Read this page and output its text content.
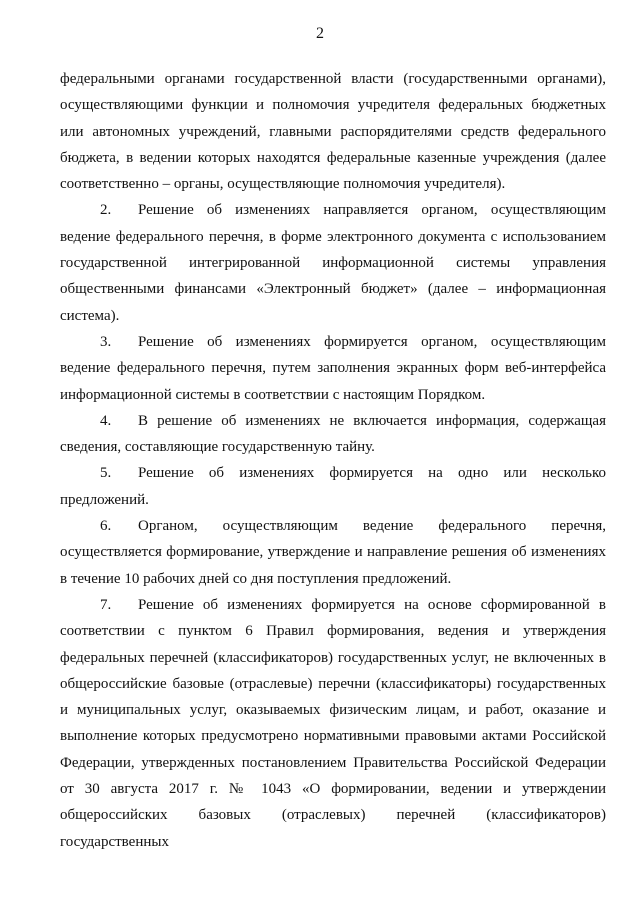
2

федеральными органами государственной власти (государственными органами), осуществляющими функции и полномочия учредителя федеральных бюджетных или автономных учреждений, главными распорядителями средств федерального бюджета, в ведении которых находятся федеральные казенные учреждения (далее соответственно – органы, осуществляющие полномочия учредителя).

2. Решение об изменениях направляется органом, осуществляющим ведение федерального перечня, в форме электронного документа с использованием государственной интегрированной информационной системы управления общественными финансами «Электронный бюджет» (далее – информационная система).

3. Решение об изменениях формируется органом, осуществляющим ведение федерального перечня, путем заполнения экранных форм веб-интерфейса информационной системы в соответствии с настоящим Порядком.

4. В решение об изменениях не включается информация, содержащая сведения, составляющие государственную тайну.

5. Решение об изменениях формируется на одно или несколько предложений.

6. Органом, осуществляющим ведение федерального перечня, осуществляется формирование, утверждение и направление решения об изменениях в течение 10 рабочих дней со дня поступления предложений.

7. Решение об изменениях формируется на основе сформированной в соответствии с пунктом 6 Правил формирования, ведения и утверждения федеральных перечней (классификаторов) государственных услуг, не включенных в общероссийские базовые (отраслевые) перечни (классификаторы) государственных и муниципальных услуг, оказываемых физическим лицам, и работ, оказание и выполнение которых предусмотрено нормативными правовыми актами Российской Федерации, утвержденных постановлением Правительства Российской Федерации от 30 августа 2017 г. № 1043 «О формировании, ведении и утверждении общероссийских базовых (отраслевых) перечней (классификаторов) государственных
